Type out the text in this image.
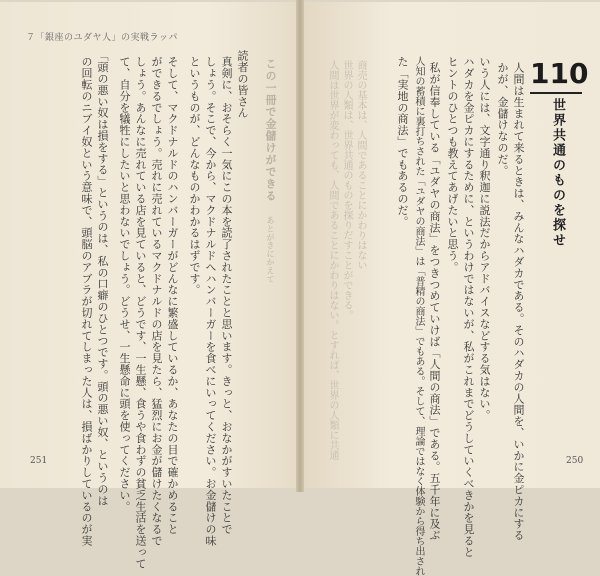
７「銀座のユダヤ人」の実戦ラッパ
この一冊で金儲けができる あとがきにかえて
読者の皆さん
真剣に、おそらく一気にこの本を読了されたことと思います。きっと、おなかがすいたことで
しょう。そこで、今から、マクドナルドへハンバーガーを食べにいってください。お金儲けの味
というものが、どんなものかわかるはずです。
そして、マクドナルドのハンバーガーがどんなに繁盛しているか、あなたの目で確かめること
ができるでしょう。売れに売れているマクドナルドの店を見たら、猛烈にお金が儲けたくなるで
しょう。あんなに売れている店を見ていると、どうです、一生懸、食うや食わずの貧乏生活を送って
て、自分を犠牲にしたいと思わないでしょう。どうせ、一生懸命に頭を使ってください。
「頭の悪い奴は損をする」というのは、私の口癖のひとつです。頭の悪い奴、というのは
の回転のニブイ奴という意味で、頭脳のアブラが切れてしまった人は、損ばかりしているのが実
251
人間は世界が変わっても、人間であることにかわりはない。とすれば、世界の人類に共通 世界の人類は、世界共通のものを探りだすことができる。 商売の基本は、人間であることにかわりはない	110
世界共通のものを探せ
人間は生まれて来るときは、みんなハダカである。そのハダカの人間を、いかに金ピカにする
かが、金儲けなのだ。
いう人には、文字通り釈迦に説法だからアドバイスなどする気はない。
ハダカを金ピカにするために、というわけではないが、私がこれまでどうしていくべきかを見ると
ヒントのひとつも教えてあげたいと思う。
私が信奉している「ユダヤの商法」をつきつめていけば「人間の商法」である。五千年に及ぶ
人知の蓄積に裏打ちされた「ユダヤの商法」は「普精の商法」でもある。そして、理論ではなく体験から得ち出され
た「実地の商法」でもあるのだ。
250
